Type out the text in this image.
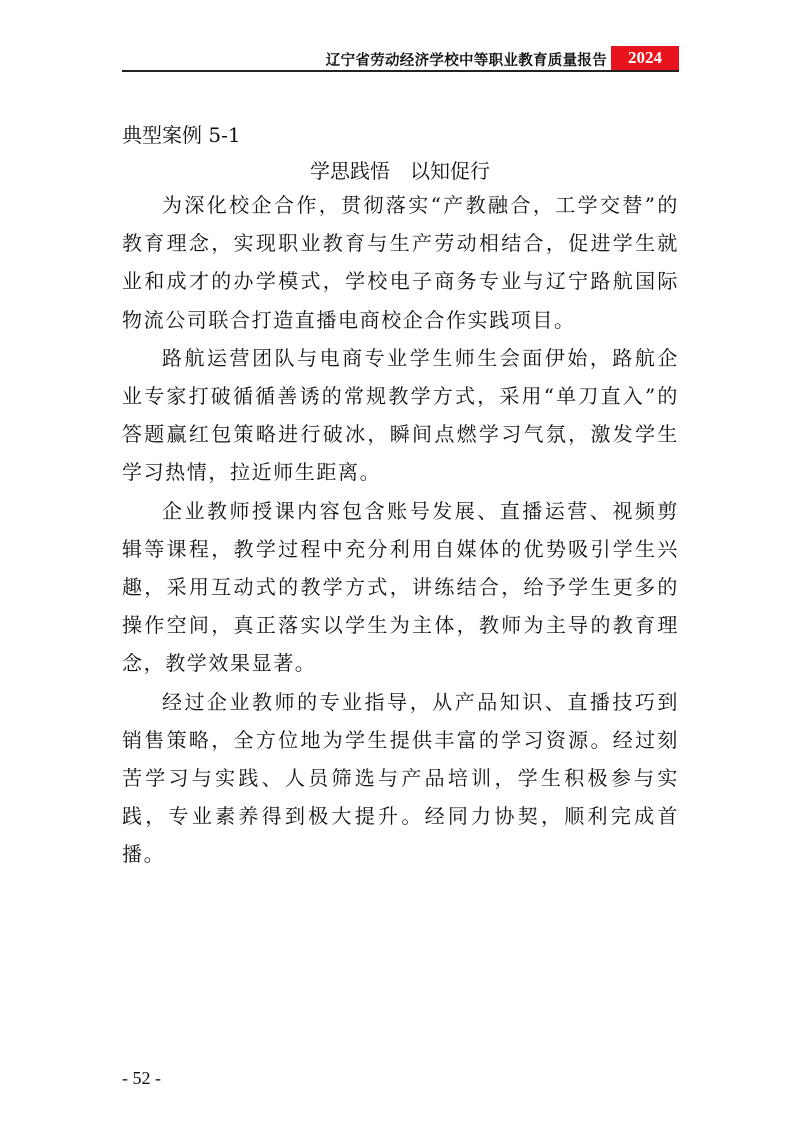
辽宁省劳动经济学校中等职业教育质量报告	2024
典型案例 5-1
学思践悟　以知促行

为深化校企合作，贯彻落实“产教融合，工学交替”的教育理念，实现职业教育与生产劳动相结合，促进学生就业和成才的办学模式，学校电子商务专业与辽宁路航国际物流公司联合打造直播电商校企合作实践项目。

路航运营团队与电商专业学生师生会面伊始，路航企业专家打破循循善诱的常规教学方式，采用“单刀直入”的答题赢红包策略进行破冰，瞬间点燃学习气氛，激发学生学习热情，拉近师生距离。

企业教师授课内容包含账号发展、直播运营、视频剪辑等课程，教学过程中充分利用自媒体的优势吸引学生兴趣，采用互动式的教学方式，讲练结合，给予学生更多的操作空间，真正落实以学生为主体，教师为主导的教育理念，教学效果显著。

经过企业教师的专业指导，从产品知识、直播技巧到销售策略，全方位地为学生提供丰富的学习资源。经过刻苦学习与实践、人员筛选与产品培训，学生积极参与实践，专业素养得到极大提升。经同力协契，顺利完成首播。

- 52 -
